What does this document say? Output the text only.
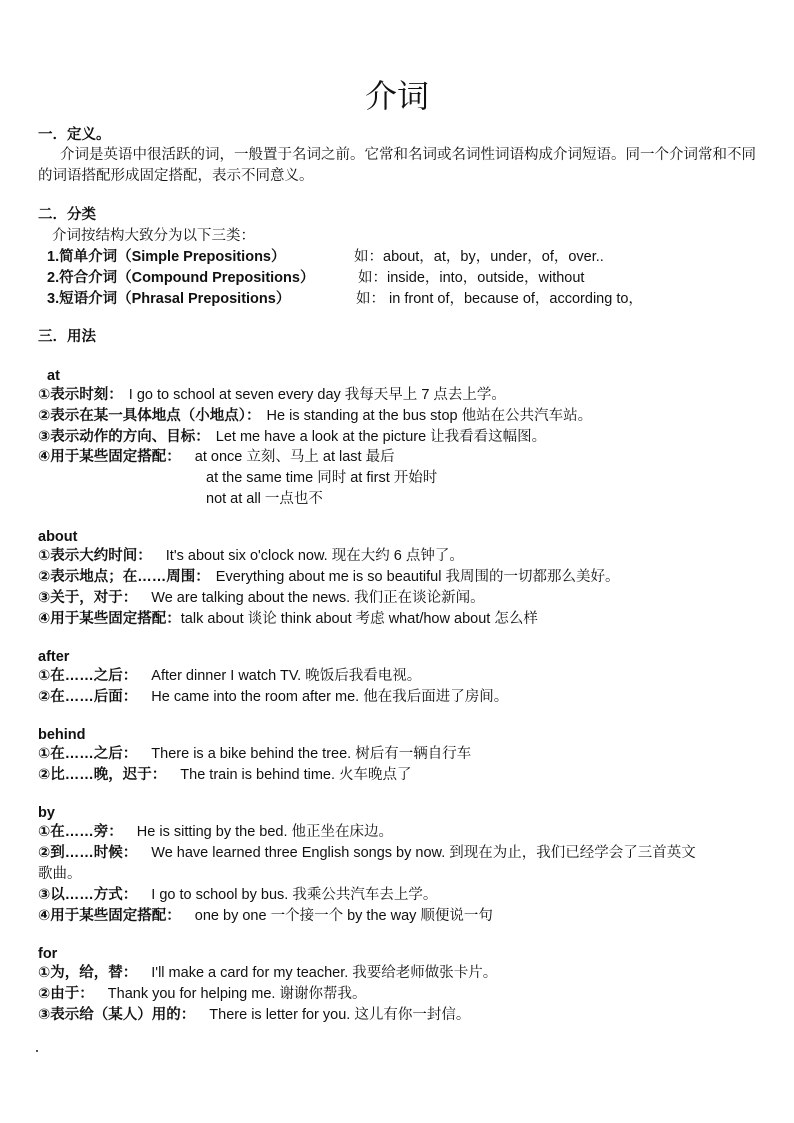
介词
一．定义。
介词是英语中很活跃的词，一般置于名词之前。它常和名词或名词性词语构成介词短语。同一个介词常和不同的词语搭配形成固定搭配，表示不同意义。
二．分类
介词按结构大致分为以下三类：
1.简单介词（Simple Prepositions）	如：about，at，by，under，of，over..
2.符合介词（Compound Prepositions）	如：inside，into，outside，without
3.短语介词（Phrasal Prepositions）	如： in front of，because of，according to，
三．用法
at
①表示时刻： I go to school at seven every day 我每天早上 7 点去上学。
②表示在某一具体地点（小地点）： He is standing at the bus stop 他站在公共汽车站。
③表示动作的方向、目标： Let me have a look at the picture 让我看看这幅图。
④用于某些固定搭配： at once 立刻、马上 at last 最后
at the same time 同时 at first 开始时
not at all 一点也不
about
①表示大约时间： It's about six o'clock now. 现在大约 6 点钟了。
②表示地点；在……周围： Everything about me is so beautiful 我周围的一切都那么美好。
③关于，对于： We are talking about the news. 我们正在谈论新闻。
④用于某些固定搭配：talk about 谈论 think about 考虑 what/how about 怎么样
after
①在……之后： After dinner I watch TV. 晚饭后我看电视。
②在……后面： He came into the room after me. 他在我后面进了房间。
behind
①在……之后： There is a bike behind the tree. 树后有一辆自行车
②比……晚，迟于： The train is behind time. 火车晚点了
by
①在……旁： He is sitting by the bed. 他正坐在床边。
②到……时候： We have learned three English songs by now. 到现在为止，我们已经学会了三首英文
歌曲。
③以……方式： I go to school by bus. 我乘公共汽车去上学。
④用于某些固定搭配： one by one 一个接一个 by the way 顺便说一句
for
①为，给，替： I'll make a card for my teacher. 我要给老师做张卡片。
②由于： Thank you for helping me. 谢谢你帮我。
③表示给（某人）用的： There is letter for you. 这儿有你一封信。
